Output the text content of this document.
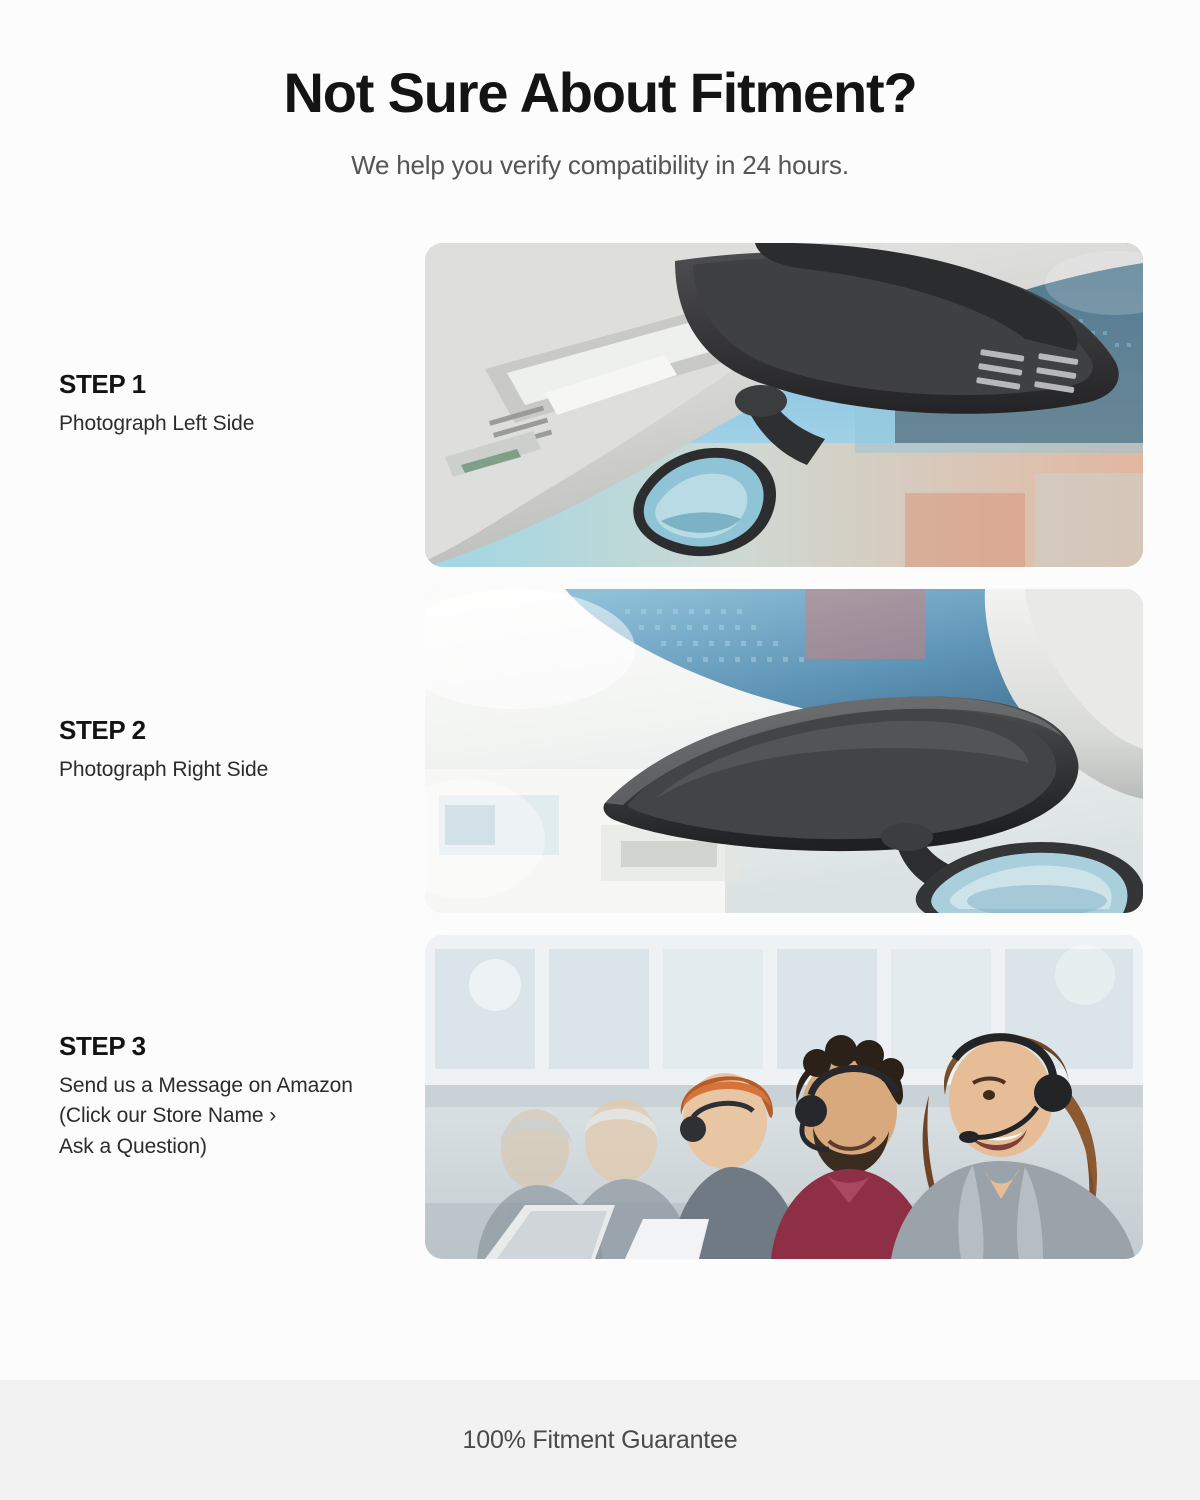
Not Sure About Fitment?

We help you verify compatibility in 24 hours.

STEP 1
Photograph Left Side
STEP 2
Photograph Right Side
STEP 3
Send us a Message on Amazon
(Click our Store Name ›
Ask a Question)
100% Fitment Guarantee
